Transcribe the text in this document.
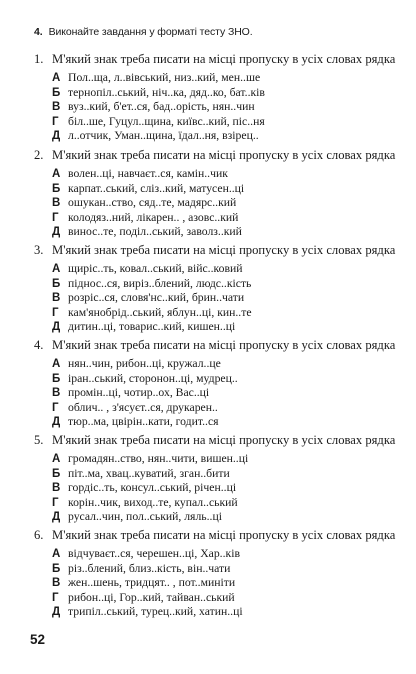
4. Виконайте завдання у форматі тесту ЗНО.
1. М'який знак треба писати на місці пропуску в усіх словах рядка
А Пол..ща, л..вівський, низ..кий, мен..ше
Б тернопіл..ський, ніч..ка, дяд..ко, бат..ків
В вуз..кий, б'ет..ся, бад..орість, нян..чин
Г біл..ше, Гуцул..щина, київс..кий, піс..ня
Д л..отчик, Уман..щина, їдал..ня, взірец..
2. М'який знак треба писати на місці пропуску в усіх словах рядка
А волен..ці, навчаєт..ся, камін..чик
Б карпат..ський, сліз..кий, матусен..ці
В ошукан..ство, сяд..те, мадярс..кий
Г колодяз..ний, лікарен.. , азовс..кий
Д винос..те, поділ..ський, заволз..кий
3. М'який знак треба писати на місці пропуску в усіх словах рядка
А щиріс..ть, ковал..ський, війс..ковий
Б піднос..ся, виріз..блений, людс..кість
В розріс..ся, словя'нс..кий, брин..чати
Г кам'янобрід..ський, яблун..ці, кин..те
Д дитин..ці, товарис..кий, кишен..ці
4. М'який знак треба писати на місці пропуску в усіх словах рядка
А нян..чин, рибон..ці, кружал..це
Б іран..ський, сторонон..ці, мудрец..
В промін..ці, чотир..ох, Вас..ці
Г облич.. , з'ясуєт..ся, друкарен..
Д тюр..ма, цвірін..кати, годит..ся
5. М'який знак треба писати на місці пропуску в усіх словах рядка
А громадян..ство, нян..чити, вишен..ці
Б піт..ма, хвац..куватий, зган..бити
В гордіс..ть, консул..ський, річен..ці
Г корін..чик, виход..те, купал..ський
Д русал..чин, пол..ський, ляль..ці
6. М'який знак треба писати на місці пропуску в усіх словах рядка
А відчуваєт..ся, черешен..ці, Хар..ків
Б різ..блений, близ..кість, він..чати
В жен..шень, тридцят.. , пот..миніти
Г рибон..ці, Гор..кий, тайван..ський
Д трипіл..ський, турец..кий, хатин..ці
52
